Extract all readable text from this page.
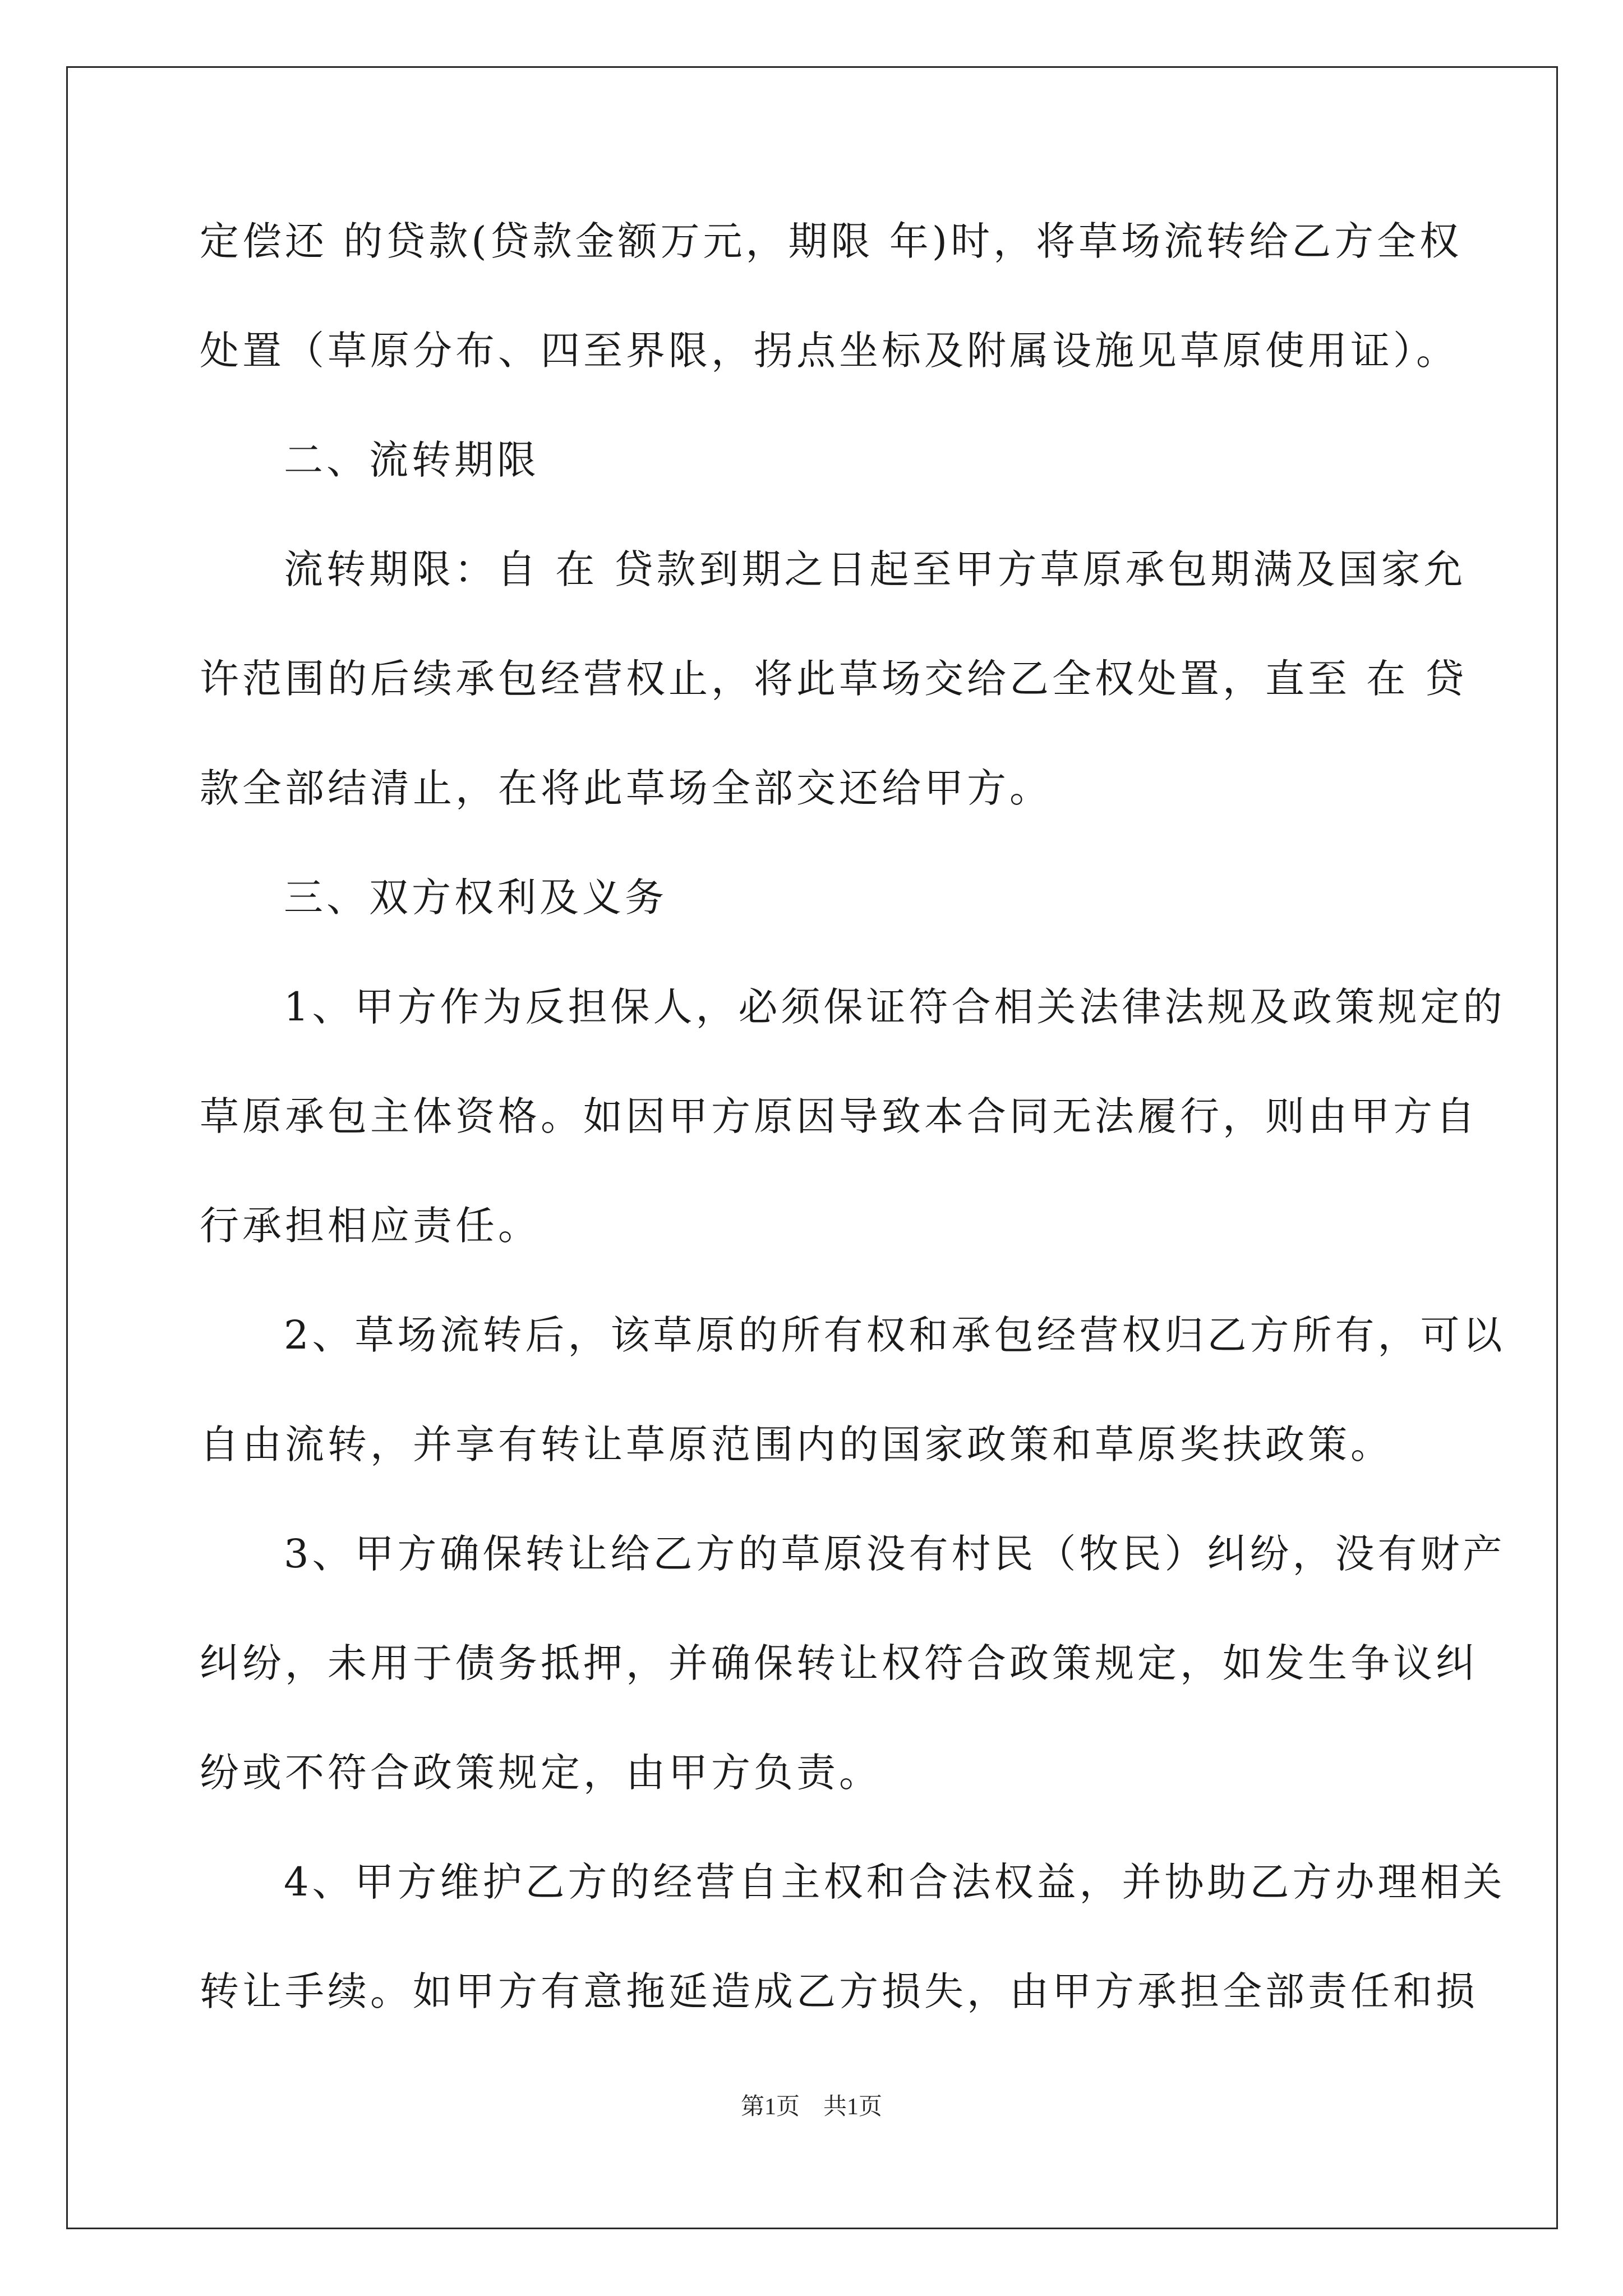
定偿还 的贷款(贷款金额万元，期限 年)时，将草场流转给乙方全权
处置（草原分布、四至界限，拐点坐标及附属设施见草原使用证）。
二、流转期限
流转期限：自 在 贷款到期之日起至甲方草原承包期满及国家允
许范围的后续承包经营权止，将此草场交给乙全权处置，直至 在 贷
款全部结清止，在将此草场全部交还给甲方。
三、双方权利及义务
1、甲方作为反担保人，必须保证符合相关法律法规及政策规定的
草原承包主体资格。如因甲方原因导致本合同无法履行，则由甲方自
行承担相应责任。
2、草场流转后，该草原的所有权和承包经营权归乙方所有，可以
自由流转，并享有转让草原范围内的国家政策和草原奖扶政策。
3、甲方确保转让给乙方的草原没有村民（牧民）纠纷，没有财产
纠纷，未用于债务抵押，并确保转让权符合政策规定，如发生争议纠
纷或不符合政策规定，由甲方负责。
4、甲方维护乙方的经营自主权和合法权益，并协助乙方办理相关
转让手续。如甲方有意拖延造成乙方损失，由甲方承担全部责任和损
第1页　共1页
